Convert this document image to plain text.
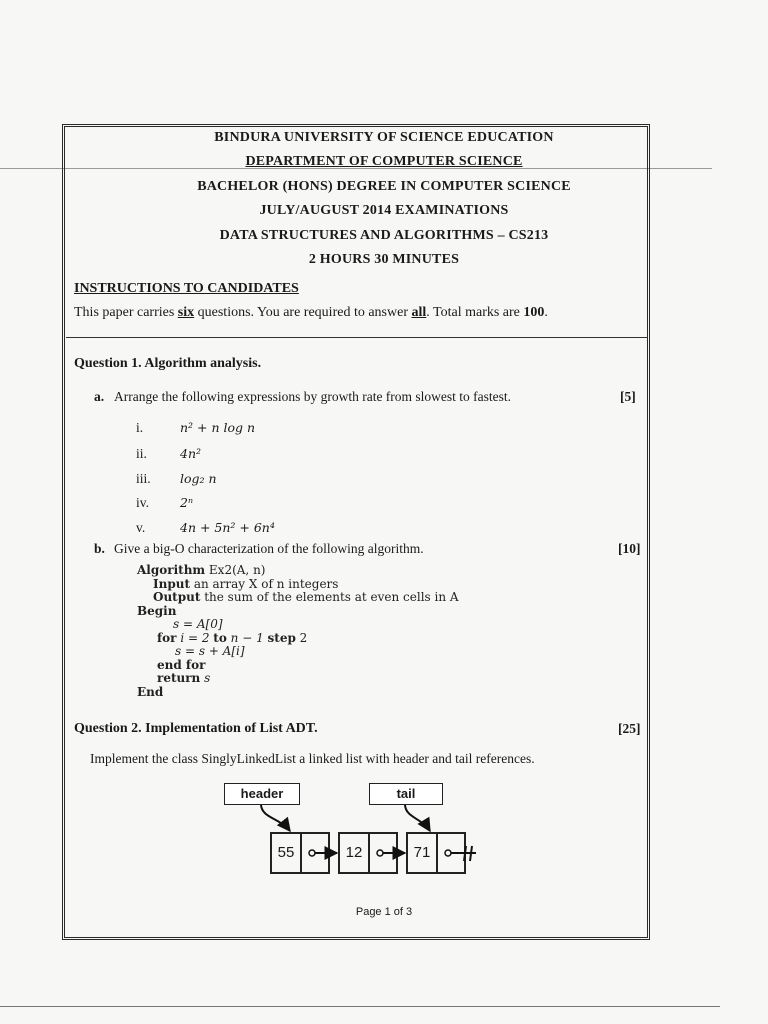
BINDURA UNIVERSITY OF SCIENCE EDUCATION
DEPARTMENT OF COMPUTER SCIENCE
BACHELOR (HONS) DEGREE IN COMPUTER SCIENCE
JULY/AUGUST 2014 EXAMINATIONS
DATA STRUCTURES AND ALGORITHMS – CS213
2 HOURS 30 MINUTES
INSTRUCTIONS TO CANDIDATES
This paper carries six questions. You are required to answer all. Total marks are 100.
Question 1. Algorithm analysis.
a. Arrange the following expressions by growth rate from slowest to fastest.	[5]
i.	n² + n log n
ii.	4n²
iii. log₂ n
iv. 2ⁿ
v.	4n + 5n² + 6n⁴
b. Give a big-O characterization of the following algorithm.	[10]
Algorithm Ex2(A, n)
Input an array X of n integers
Output the sum of the elements at even cells in A
Begin
s = A[0]
for i = 2 to n − 1 step 2
s = s + A[i]
end for
return s
End
Question 2. Implementation of List ADT.	[25]
Implement the class SinglyLinkedList a linked list with header and tail references.
header	tail
55	12	71
Page 1 of 3
